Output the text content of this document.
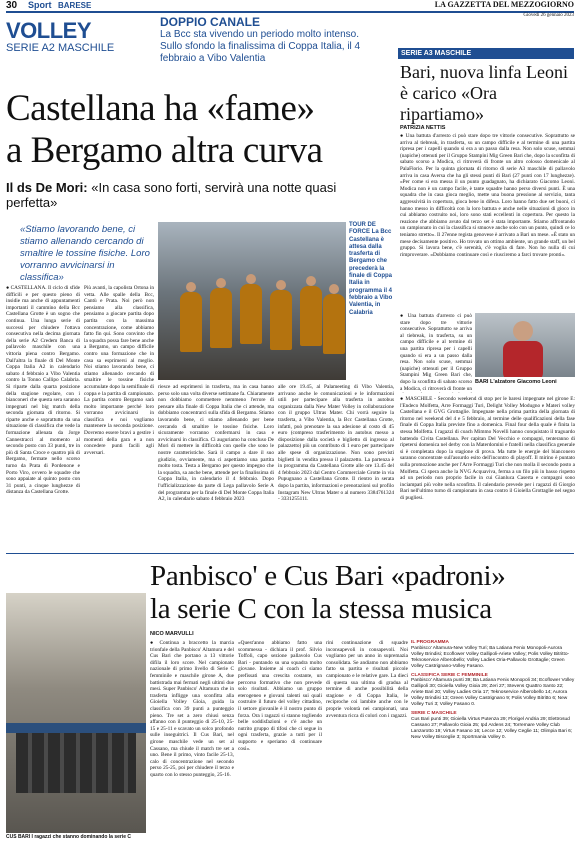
30 Sport BARESE	LA GAZZETTA DEL MEZZOGIORNO
Giovedì 26 gennaio 2023
VOLLEY
SERIE A2 MASCHILE
DOPPIO CANALE
La Bcc sta vivendo un periodo molto intenso. Sullo sfondo la finalissima di Coppa Italia, il 4 febbraio a Vibo Valentia
Castellana ha «fame»
a Bergamo altra curva
Il ds De Mori: «In casa sono forti, servirà una notte quasi perfetta»
«Stiamo lavorando bene, ci stiamo allenando cercando di smaltire le tossine fisiche. Loro vorranno avvicinarsi in classifica»
● CASTELLANA. Il ciclo di sfide difficili e per questo pieno di insidie ma anche di appuntamenti importanti il cammino della Bcc Castellana Grotte è un sogno che continua. Una lunga serie di successi per chiudere l'ottava consecutiva nella decima giornata della serie A2 Credem Banca di pallavolo maschile con una vittoria piena contro Bergamo. Dall'altra la finale di Del Monte Coppa Italia A2 in calendario sabato 4 febbraio a Vibo Valentia contro la Tonno Callipo Calabria. Si riparte dalla quarta posizione della stagione regolare, con i bianconeri che questa sera saranno impegnati nel big match della seconda giornata di ritorno. Si riparte anche e soprattutto da una situazione di classifica che vede la formazione allenata da Jorge Cannestracci al momento al secondo posto con 33 punti, tre in più di Santa Croce e quattro più di Bergamo, fermate nello scorso turno da Prata di Pordenone e Porto Viro, ovvero le squadre che sono appaiate al quinto posto con 31 punti, a cinque lunghezze di distanza da Castellana Grotte.
Più avanti, la capolista Ortona in vetta. Alle spalle della Bcc, Cantù e Prata. Noi però non pensiamo alla classifica, pensiamo a giocare partita dopo partita con la massima concentrazione, come abbiamo fatto fin qui. Sono convinto che la squadra possa fare bene anche a Bergamo, un campo difficile contro una formazione che in casa sa esprimersi al meglio. Noi stiamo lavorando bene, ci stiamo allenando cercando di smaltire le tossine fisiche accumulate dopo la semifinale di coppa e la partita di campionato. La partita contro Bergamo sarà molto importante perché loro vorranno avvicinarsi in classifica e noi vogliamo mantenere la seconda posizione. Dovremo essere bravi a gestire i momenti della gara e a non concedere punti facili agli avversari.
TOUR DE FORCE La Bcc Castellana è attesa dalla trasferta di Bergamo che precederà la finale di Coppa Italia in programma il 4 febbraio a Vibo Valentia, in Calabria
riesce ad esprimersi in trasferta, ma in casa hanno perso solo una volta diverse settimane fa. Chiaramente non dobbiamo commettere nemmeno l'errore di pensare alla finale di Coppa Italia che ci attende, ma dobbiamo concentrarci sulla sfida di Bergamo. Stiamo lavorando bene, ci stiamo allenando per bene cercando di smaltire le tossine fisiche. Loro sicuramente vorranno confermarsi in casa e avvicinarsi in classifica. Ci auguriamo ha concluso De Mori di mettere in difficoltà con quelle che sono le nostre caratteristiche. Sarà il campo a dare il suo giudizio, ovviamente, ma ci aspettiamo una partita molto tosta. Testa a Bergamo per questo impegno che la squadra, sa anche bene, attende per la finalissima di Coppa Italia, in calendario il 4 febbraio. Dopo l'ufficializzazione da parte di Lega pallavolo Serie A del programma per la finale di Del Monte Coppa Italia A2, in calendario sabato 4 febbraio 2023
alle ore 19.45, al Palameeting di Vibo Valentia, arrivano anche le comunicazioni e le informazioni utili per partecipare alla trasferta in autobus organizzata dalla New Mater Volley in collaborazione con il gruppo Ultras Mater. Chi vorrà seguire la trasferta, a Vibo Valentia, la Bcc Castellana Grotte, infatti, può prenotare la sua adesione al costo di 45 euro (compreso trasferimento in autobus messo a disposizione dalla società e biglietto di ingresso al palazzetto) più un contributo di 1 euro per partecipare alle spese di organizzazione. Non sono previsti biglietti in vendita presso il palazzetto. La partenza è in programma da Castellana Grotte alle ore 13.45 del 4 febbraio 2023 dal Centro Commerciale Grotte in via Pupugnano a Castellana Grotte. Il rientro in serata dopo la partita, informazioni e prenotazioni sul profilo Instagram New Ultras Mater o al numero 3384761324 - 3331255111.
SERIE A3 MASCHILE
Bari, nuova linfa Leoni è carico «Ora ripartiamo»
PATRIZIA NETTIS
● Una battuta d'arresto ci può stare dopo tre vittorie consecutive. Soprattutto se arriva al tiebreak, in trasferta, su un campo difficile e al termine di una partita ripresa per i capelli quando si era a un passo dalla resa. Non solo scuse, semmai (napiche) ottenuti per il Gruppo Stampini Mig Green Bari che, dopo la sconfitta di sabato scorso a Modica, ci ritroverà di fronte un altro colosso domenicale al PalaFlorio. Per la quinta giornata di ritorno di serie A3 maschile di pallavolo arriva in casa Aversa che ha gli stessi punti di Bari (27 punti con 17 lunghezze). «Per come si era messa il un punto guadagnato, ha dichiarato Giacomo Leoni. Modica non è un campo facile, è tante squadre hanno perso diversi punti. È una squadra che in casa gioca meglio, mette una buona pressione al servizio, tanta aggressività in copertura, gioca bene in difesa. Loro hanno fatto due set buoni, ci hanno messo in difficoltà con la loro battuta e anche nelle situazioni di gioco in cui abbiamo costruito noi, loro sono stati eccellenti in copertura. Per questo la reazione che abbiamo avuto dal terzo set è stata importante. Stiamo affrontando un campionato in cui la classifica si smuove anche solo con un punto, quindi ce lo teniamo stretto». Il 27enne regista genovese è arrivato a Bari un mese. «È stato un mese decisamente positivo. Ho trovato un ottimo ambiente, un grande staff, un bel gruppo. Si lavora bene, c'è serenità, c'è voglia di fare. Non ho nulla di cui rimproverare. «Dobbiamo continuare così e riusciremo a farci trovare pronti».
● Una battuta d'arresto ci può stare dopo tre vittorie consecutive. Soprattutto se arriva al tiebreak, in trasferta, su un campo difficile e al termine di una partita ripresa per i capelli quando si era a un passo dalla resa. Non solo scuse, semmai (napiche) ottenuti per il Gruppo Stampini Mig Green Bari che, dopo la sconfitta di sabato scorso a Modica, ci ritroverà di fronte un
BARI L'alzatore Giacomo Leoni
● MASCHILE - Secondo weekend di stop per le baresi impegnate nel girone E: l'Endeco Molfetta, Arre Formaggi Turi, Delight Volley Modugno e Materi volley Castellana e il GVG Grottaglie. Impegnate nella prima partita della giornata di ritorno nel weekend del 4 e 5 febbraio, al termine delle qualificazioni della fase finale di Coppa Italia previste fino a domenica. Final four della quale è finita la stessa Molfetta. I ragazzi di coach Mimmo Novelli hanno conquistato il traguardo battendo Civita Castellana. Per capitan Del Vecchio e compagni, tenteranno di ripetersi domenica nel derby con la Materdomini e fratelli nella classifica generale si è completata dopo la stagione di prova. Ma tutte le energie del bianconero saranno concentrate sull'assurdo esito dell'incontro di playoff. Il mirino è puntato sulla promozione anche per l'Arre Formaggi Turi che non molla il secondo posto a Molfetta. Ci spera anche la NVG Acquaviva, ferma a un filo più in basso rispetto ad un periodo non proprio facile in cui Gianluca Caserta e compagni sono inciampati più volte nella sconfitta. Il calendario prevede per i ragazzi di Giorgio Bari nell'ultimo turno di campionato in casa contro il Gioiella Grottaglie nel segno di pugliesi.
Panbisco' e Cus Bari «padroni»
la serie C con la stessa musica
NICO MARVULLI
CUS BARI I ragazzi che stanno dominando la serie C
● Continua a braccetto la marcia trionfale della Panbisco' Altamura e del Cus Bari che portano a 13 vittorie difila il loro score. Nel campionato nazionale di primo livello di Serie C femminile e maschile girone A, due battistrada mai fermati negli ultimi due mesi. Super Panbisco' Altamura che in trasferta infligge una sconfitta alla Gioiella Volley Gioia, guida la classifica con 39 punti a punteggio pieno. Tre set a zero chiusi senza affanno con il punteggio di 25-10, 25-15 e 25-11 e scavato un solco profondo sulle inseguitrici. Il Cus Bari, nel girone maschile vede un set al Cassano, ma chiude il match tre set a uno. Bene il primo, vinto facile 25-13, calo di concentrazione nel secondo perso 25-25, poi per chiudere il terzo e quarto con lo stesso punteggio, 25-16.
«Quest'anno abbiamo fatto una scommessa - dichiara il prof. Silvio Toffoli, capo sezione pallavolo Cus Bari - puntando su una squadra molto giovane. Insieme ai coach ci siamo prefissati una crescita costante, un percorso formativo che non prevede solo risultati. Abbiamo un gruppo eterogeneo e giovani talenti sui quali costruire il futuro del volley cittadino, il settore giovanile è il nostro punto di forza. Ora i ragazzi si stanno togliendo belle soddisfazioni e c'è anche un nutrito gruppo di tifosi che ci segue in ogni trasferta, grazie a tutti per il supporto e speriamo di continuare così».
rini continuazione di squadre inconsapevoli in consapevoli. Noi vogliamo per un anno in supremazia consolidata. Se andiamo non abbiamo fatto su partita e risultati piccole campionato e le relative gare. La dieci di questa sua ultima di gradua al termine di anche possibilità della stagione e di Coppa Italia, le reciproche coi lambite anche con le proprie volontà nei campionati, una avventura ricca di colori con i ragazzi.
IL PROGRAMMA
Panbisco' Altamura-New Volley Turi; Ba Latiana Fenix Monopoli-Aurora Volley Brindisi; Ecoflower Volley Gallipoli-Ariete Volley; Polis Volley Bitritto-Teknoservice Alberobello; Volley Ladies Oria-Pallavolo Grottaglie; Green Volley Castrignano-Volley Fasano.
CLASSIFICA SERIE C FEMMINILE
Panbisco' Altamura punti 39; Ba Latiana Fenix Monopoli 34; Ecoflower Volley Gallipoli 30; Gioiella Volley Gioia 29; Zeri 27; Stevens Quattro Santo 22; Ariete Bari 20; Volley Ladies Oria 17; Teknoservice Alberobello 14; Aurora Volley Brindisi 13; Green Volley Castrignano 9; Polis Volley Bitritto 6; New Volley Turi 3; Volley Fasano 0.
SERIE C MASCHILE
Cus Bari punti 39; Gioiella Virtus Putenza 29; Florigel Andria 29; Elettrosud Cassano 27; Pallavolo Gioia 25; Ipd Ardens 24; Torremare Volley Club Lanzarotto 19; Virtus Fasano 16; Lecce 12; Volley Ceglie 11; Olimpia Bari 6; New Volley Bisceglie 3; Sportmania Volley 0.
